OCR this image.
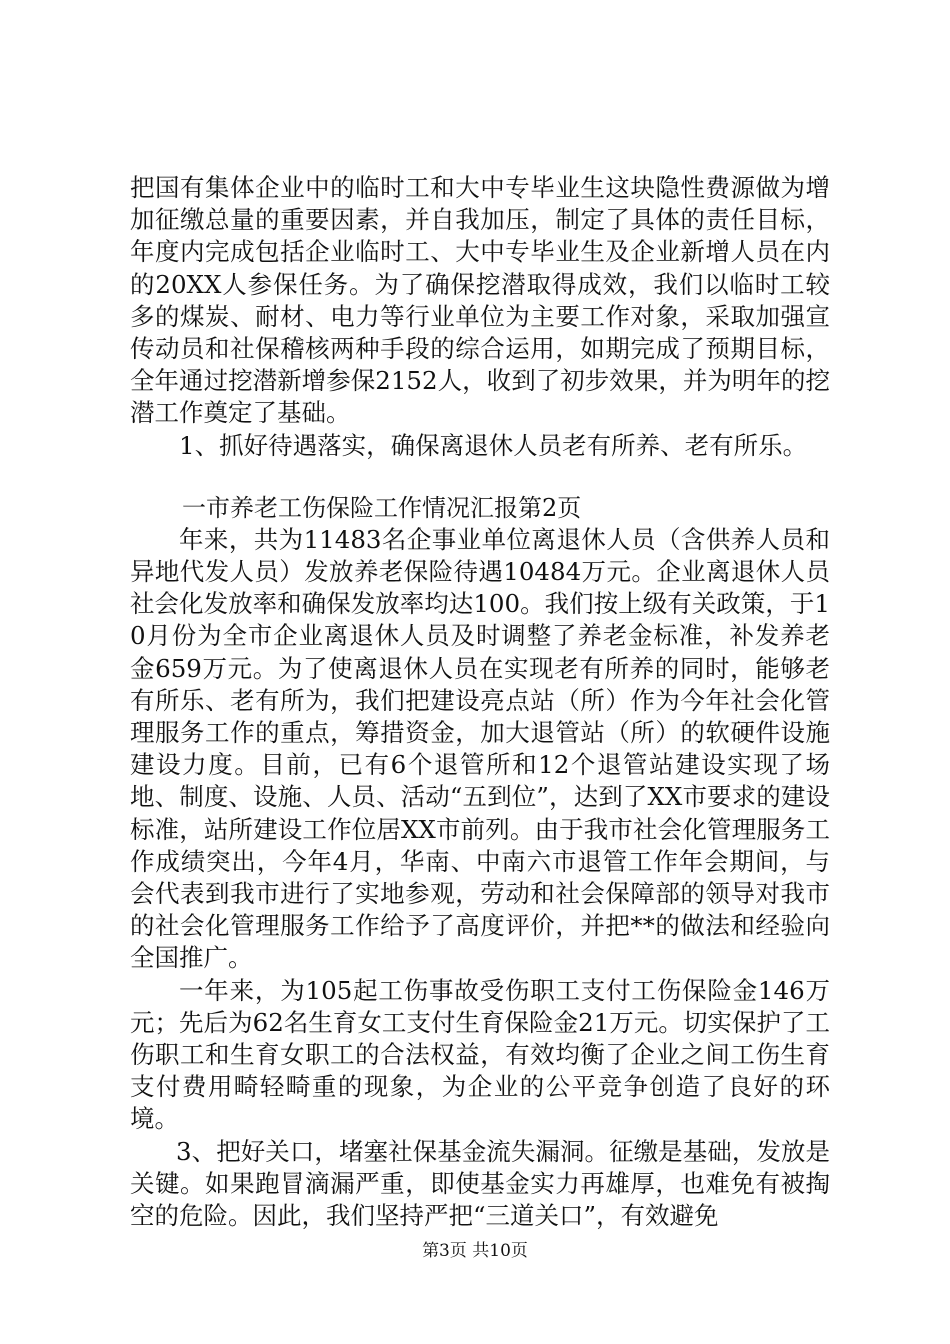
把国有集体企业中的临时工和大中专毕业生这块隐性费源做为增加征缴总量的重要因素，并自我加压，制定了具体的责任目标，年度内完成包括企业临时工、大中专毕业生及企业新增人员在内的20XX人参保任务。为了确保挖潜取得成效，我们以临时工较多的煤炭、耐材、电力等行业单位为主要工作对象，采取加强宣传动员和社保稽核两种手段的综合运用，如期完成了预期目标，全年通过挖潜新增参保2152人，收到了初步效果，并为明年的挖潜工作奠定了基础。

1、抓好待遇落实，确保离退休人员老有所养、老有所乐。

一市养老工伤保险工作情况汇报第2页

年来，共为11483名企事业单位离退休人员（含供养人员和异地代发人员）发放养老保险待遇10484万元。企业离退休人员社会化发放率和确保发放率均达100。我们按上级有关政策，于10月份为全市企业离退休人员及时调整了养老金标准，补发养老金659万元。为了使离退休人员在实现老有所养的同时，能够老有所乐、老有所为，我们把建设亮点站（所）作为今年社会化管理服务工作的重点，筹措资金，加大退管站（所）的软硬件设施建设力度。目前，已有6个退管所和12个退管站建设实现了场地、制度、设施、人员、活动“五到位”，达到了XX市要求的建设标准，站所建设工作位居XX市前列。由于我市社会化管理服务工作成绩突出，今年4月，华南、中南六市退管工作年会期间，与会代表到我市进行了实地参观，劳动和社会保障部的领导对我市的社会化管理服务工作给予了高度评价，并把**的做法和经验向全国推广。

一年来，为105起工伤事故受伤职工支付工伤保险金146万元；先后为62名生育女工支付生育保险金21万元。切实保护了工伤职工和生育女职工的合法权益，有效均衡了企业之间工伤生育支付费用畸轻畸重的现象，为企业的公平竞争创造了良好的环境。

3、把好关口，堵塞社保基金流失漏洞。征缴是基础，发放是关键。如果跑冒滴漏严重，即使基金实力再雄厚，也难免有被掏空的危险。因此，我们坚持严把“三道关口”，有效避免

第3页 共10页
